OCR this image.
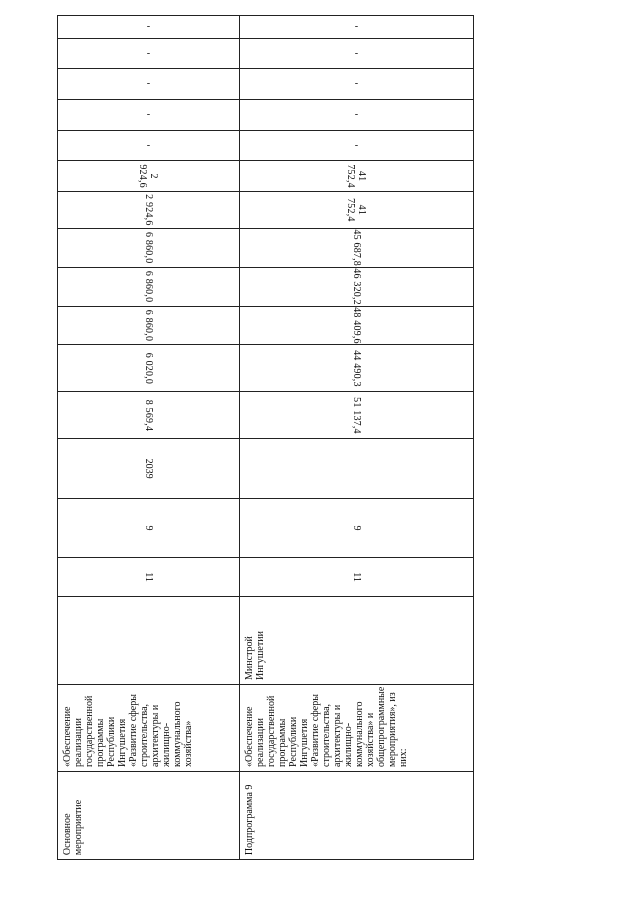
-	-	-	-	-	41 752,4	41 752,4	45 687,8	46 320,2	48 409,6	44 490,3	51 137,4		9	11	Минстрой Ингушетии	«Обеспечение реализации государственной программы Республики Ингушетия «Развитие сферы строительства, архитектуры и жилищно-коммунального хозяйства» и общепрограммные мероприятия», из них:	Подпрограмма 9

-	-	-	-	-	2 924,6	2 924,6	6 860,0	6 860,0	6 860,0	6 020,0	8 569,4	2039	9	11		«Обеспечение реализации государственной программы Республики Ингушетия «Развитие сферы строительства, архитектуры и жилищно-коммунального хозяйства»	Основное мероприятие
